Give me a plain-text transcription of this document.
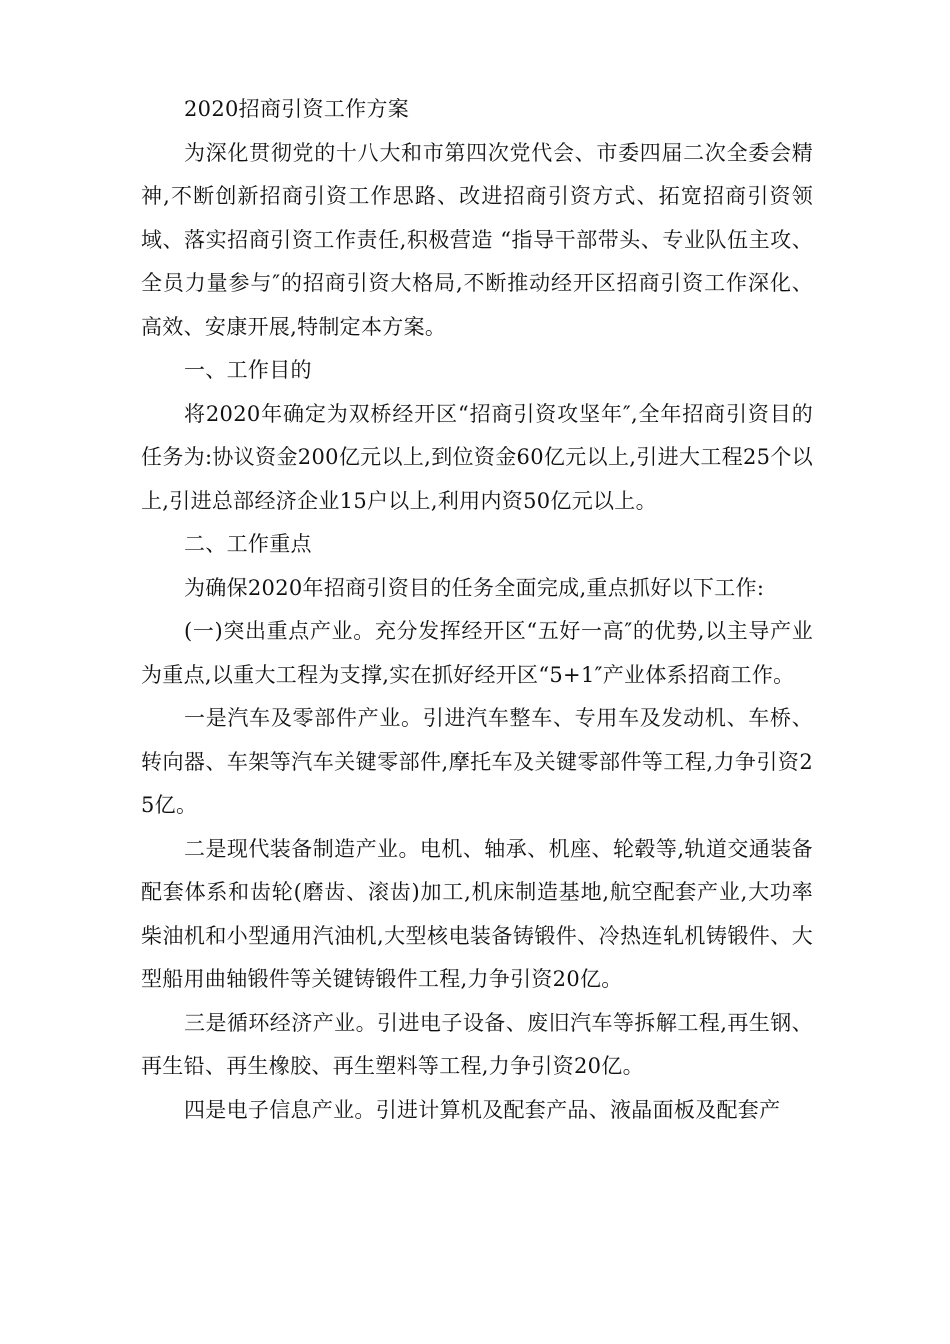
2020招商引资工作方案

为深化贯彻党的十八大和市第四次党代会、市委四届二次全委会精神,不断创新招商引资工作思路、改进招商引资方式、拓宽招商引资领域、落实招商引资工作责任,积极营造 “指导干部带头、专业队伍主攻、全员力量参与″的招商引资大格局,不断推动经开区招商引资工作深化、高效、安康开展,特制定本方案。

一、工作目的

将2020年确定为双桥经开区“招商引资攻坚年″,全年招商引资目的任务为:协议资金200亿元以上,到位资金60亿元以上,引进大工程25个以上,引进总部经济企业15户以上,利用内资50亿元以上。

二、工作重点

为确保2020年招商引资目的任务全面完成,重点抓好以下工作:

(一)突出重点产业。充分发挥经开区“五好一高″的优势,以主导产业为重点,以重大工程为支撑,实在抓好经开区“5+1″产业体系招商工作。

一是汽车及零部件产业。引进汽车整车、专用车及发动机、车桥、转向器、车架等汽车关键零部件,摩托车及关键零部件等工程,力争引资25亿。

二是现代装备制造产业。电机、轴承、机座、轮毂等,轨道交通装备配套体系和齿轮(磨齿、滚齿)加工,机床制造基地,航空配套产业,大功率柴油机和小型通用汽油机,大型核电装备铸锻件、冷热连轧机铸锻件、大型船用曲轴锻件等关键铸锻件工程,力争引资20亿。

三是循环经济产业。引进电子设备、废旧汽车等拆解工程,再生钢、再生铅、再生橡胶、再生塑料等工程,力争引资20亿。

四是电子信息产业。引进计算机及配套产品、液晶面板及配套产
